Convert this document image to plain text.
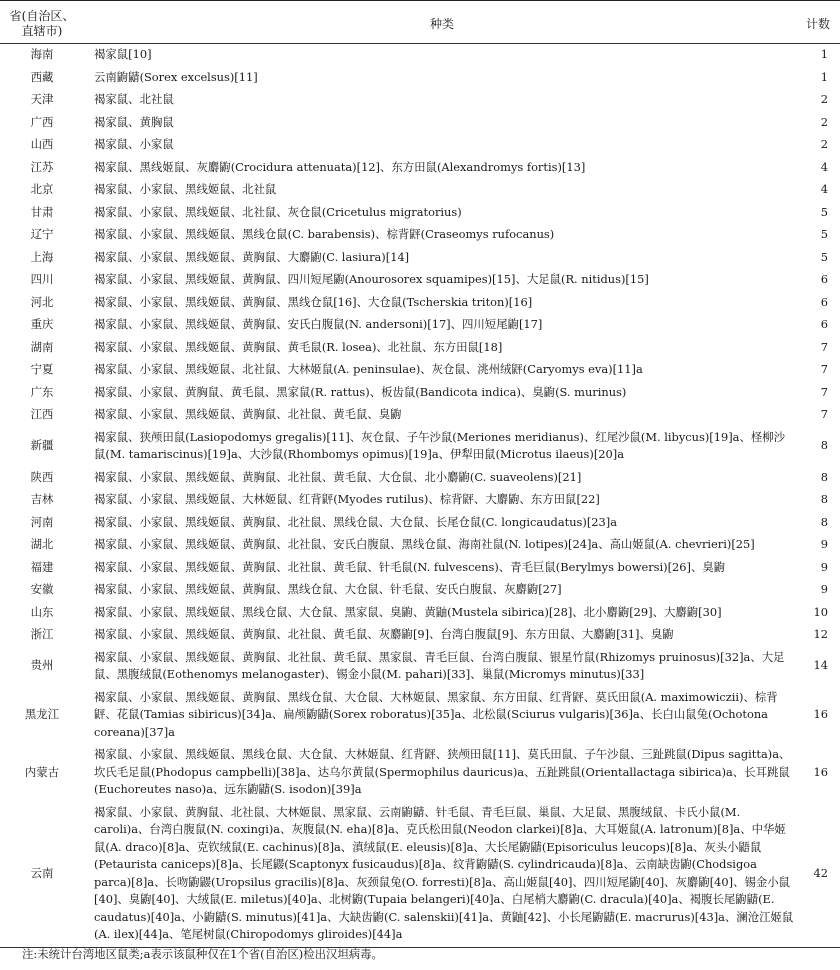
省(自治区、
直辖市)	种类	计数
海南	褐家鼠[10]	1
西藏	云南鼩鼱(Sorex excelsus)[11]	1
天津	褐家鼠、北社鼠	2
广西	褐家鼠、黄胸鼠	2
山西	褐家鼠、小家鼠	2
江苏	褐家鼠、黑线姬鼠、灰麝鼩(Crocidura attenuata)[12]、东方田鼠(Alexandromys fortis)[13]	4
北京	褐家鼠、小家鼠、黑线姬鼠、北社鼠	4
甘肃	褐家鼠、小家鼠、黑线姬鼠、北社鼠、灰仓鼠(Cricetulus migratorius)	5
辽宁	褐家鼠、小家鼠、黑线姬鼠、黑线仓鼠(C. barabensis)、棕背䶄(Craseomys rufocanus)	5
上海	褐家鼠、小家鼠、黑线姬鼠、黄胸鼠、大麝鼩(C. lasiura)[14]	5
四川	褐家鼠、小家鼠、黑线姬鼠、黄胸鼠、四川短尾鼩(Anourosorex squamipes)[15]、大足鼠(R. nitidus)[15]	6
河北	褐家鼠、小家鼠、黑线姬鼠、黄胸鼠、黑线仓鼠[16]、大仓鼠(Tscherskia triton)[16]	6
重庆	褐家鼠、小家鼠、黑线姬鼠、黄胸鼠、安氏白腹鼠(N. andersoni)[17]、四川短尾鼩[17]	6
湖南	褐家鼠、小家鼠、黑线姬鼠、黄胸鼠、黄毛鼠(R. losea)、北社鼠、东方田鼠[18]	7
宁夏	褐家鼠、小家鼠、黑线姬鼠、北社鼠、大林姬鼠(A. peninsulae)、灰仓鼠、洮州绒䶄(Caryomys eva)[11]a	7
广东	褐家鼠、小家鼠、黄胸鼠、黄毛鼠、黑家鼠(R. rattus)、板齿鼠(Bandicota indica)、臭鼩(S. murinus)	7
江西	褐家鼠、小家鼠、黑线姬鼠、黄胸鼠、北社鼠、黄毛鼠、臭鼩	7
新疆	褐家鼠、狭颅田鼠(Lasiopodomys gregalis)[11]、灰仓鼠、子午沙鼠(Meriones meridianus)、红尾沙鼠(M. libycus)[19]a、柽柳沙鼠(M. tamariscinus)[19]a、大沙鼠(Rhombomys opimus)[19]a、伊犁田鼠(Microtus ilaeus)[20]a	8
陕西	褐家鼠、小家鼠、黑线姬鼠、黄胸鼠、北社鼠、黄毛鼠、大仓鼠、北小麝鼩(C. suaveolens)[21]	8
吉林	褐家鼠、小家鼠、黑线姬鼠、大林姬鼠、红背䶄(Myodes rutilus)、棕背䶄、大麝鼩、东方田鼠[22]	8
河南	褐家鼠、小家鼠、黑线姬鼠、黄胸鼠、北社鼠、黑线仓鼠、大仓鼠、长尾仓鼠(C. longicaudatus)[23]a	8
湖北	褐家鼠、小家鼠、黑线姬鼠、黄胸鼠、北社鼠、安氏白腹鼠、黑线仓鼠、海南社鼠(N. lotipes)[24]a、高山姬鼠(A. chevrieri)[25]	9
福建	褐家鼠、小家鼠、黑线姬鼠、黄胸鼠、北社鼠、黄毛鼠、针毛鼠(N. fulvescens)、青毛巨鼠(Berylmys bowersi)[26]、臭鼩	9
安徽	褐家鼠、小家鼠、黑线姬鼠、黄胸鼠、黑线仓鼠、大仓鼠、针毛鼠、安氏白腹鼠、灰麝鼩[27]	9
山东	褐家鼠、小家鼠、黑线姬鼠、黑线仓鼠、大仓鼠、黑家鼠、臭鼩、黄鼬(Mustela sibirica)[28]、北小麝鼩[29]、大麝鼩[30]	10
浙江	褐家鼠、小家鼠、黑线姬鼠、黄胸鼠、北社鼠、黄毛鼠、灰麝鼩[9]、台湾白腹鼠[9]、东方田鼠、大麝鼩[31]、臭鼩	12
贵州	褐家鼠、小家鼠、黑线姬鼠、黄胸鼠、北社鼠、黄毛鼠、黑家鼠、青毛巨鼠、台湾白腹鼠、银星竹鼠(Rhizomys pruinosus)[32]a、大足鼠、黑腹绒鼠(Eothenomys melanogaster)、锡金小鼠(M. pahari)[33]、巢鼠(Micromys minutus)[33]	14
黑龙江	褐家鼠、小家鼠、黑线姬鼠、黄胸鼠、黑线仓鼠、大仓鼠、大林姬鼠、黑家鼠、东方田鼠、红背䶄、莫氏田鼠(A. maximowiczii)、棕背䶄、花鼠(Tamias sibiricus)[34]a、扁颅鼩鼱(Sorex roboratus)[35]a、北松鼠(Sciurus vulgaris)[36]a、长白山鼠兔(Ochotona coreana)[37]a	16
内蒙古	褐家鼠、小家鼠、黑线姬鼠、黑线仓鼠、大仓鼠、大林姬鼠、红背䶄、狭颅田鼠[11]、莫氏田鼠、子午沙鼠、三趾跳鼠(Dipus sagitta)a、坎氏毛足鼠(Phodopus campbelli)[38]a、达乌尔黄鼠(Spermophilus dauricus)a、五趾跳鼠(Orientallactaga sibirica)a、长耳跳鼠(Euchoreutes naso)a、远东鼩鼱(S. isodon)[39]a	16
云南	褐家鼠、小家鼠、黄胸鼠、北社鼠、大林姬鼠、黑家鼠、云南鼩鼱、针毛鼠、青毛巨鼠、巢鼠、大足鼠、黑腹绒鼠、卡氏小鼠(M. caroli)a、台湾白腹鼠(N. coxingi)a、灰腹鼠(N. eha)[8]a、克氏松田鼠(Neodon clarkei)[8]a、大耳姬鼠(A. latronum)[8]a、中华姬鼠(A. draco)[8]a、克钦绒鼠(E. cachinus)[8]a、滇绒鼠(E. eleusis)[8]a、大长尾鼩鼱(Episoriculus leucops)[8]a、灰头小鼯鼠(Petaurista caniceps)[8]a、长尾鼹(Scaptonyx fusicaudus)[8]a、纹背鼩鼱(S. cylindricauda)[8]a、云南缺齿鼩(Chodsigoa parca)[8]a、长吻鼩鼹(Uropsilus gracilis)[8]a、灰颈鼠兔(O. forresti)[8]a、高山姬鼠[40]、四川短尾鼩[40]、灰麝鼩[40]、锡金小鼠[40]、臭鼩[40]、大绒鼠(E. miletus)[40]a、北树鼩(Tupaia belangeri)[40]a、白尾梢大麝鼩(C. dracula)[40]a、褐腹长尾鼩鼱(E. caudatus)[40]a、小鼩鼱(S. minutus)[41]a、大缺齿鼩(C. salenskii)[41]a、黄鼬[42]、小长尾鼩鼱(E. macrurus)[43]a、澜沧江姬鼠(A. ilex)[44]a、笔尾树鼠(Chiropodomys gliroides)[44]a	42
注:未统计台湾地区鼠类;a表示该鼠种仅在1个省(自治区)检出汉坦病毒。
